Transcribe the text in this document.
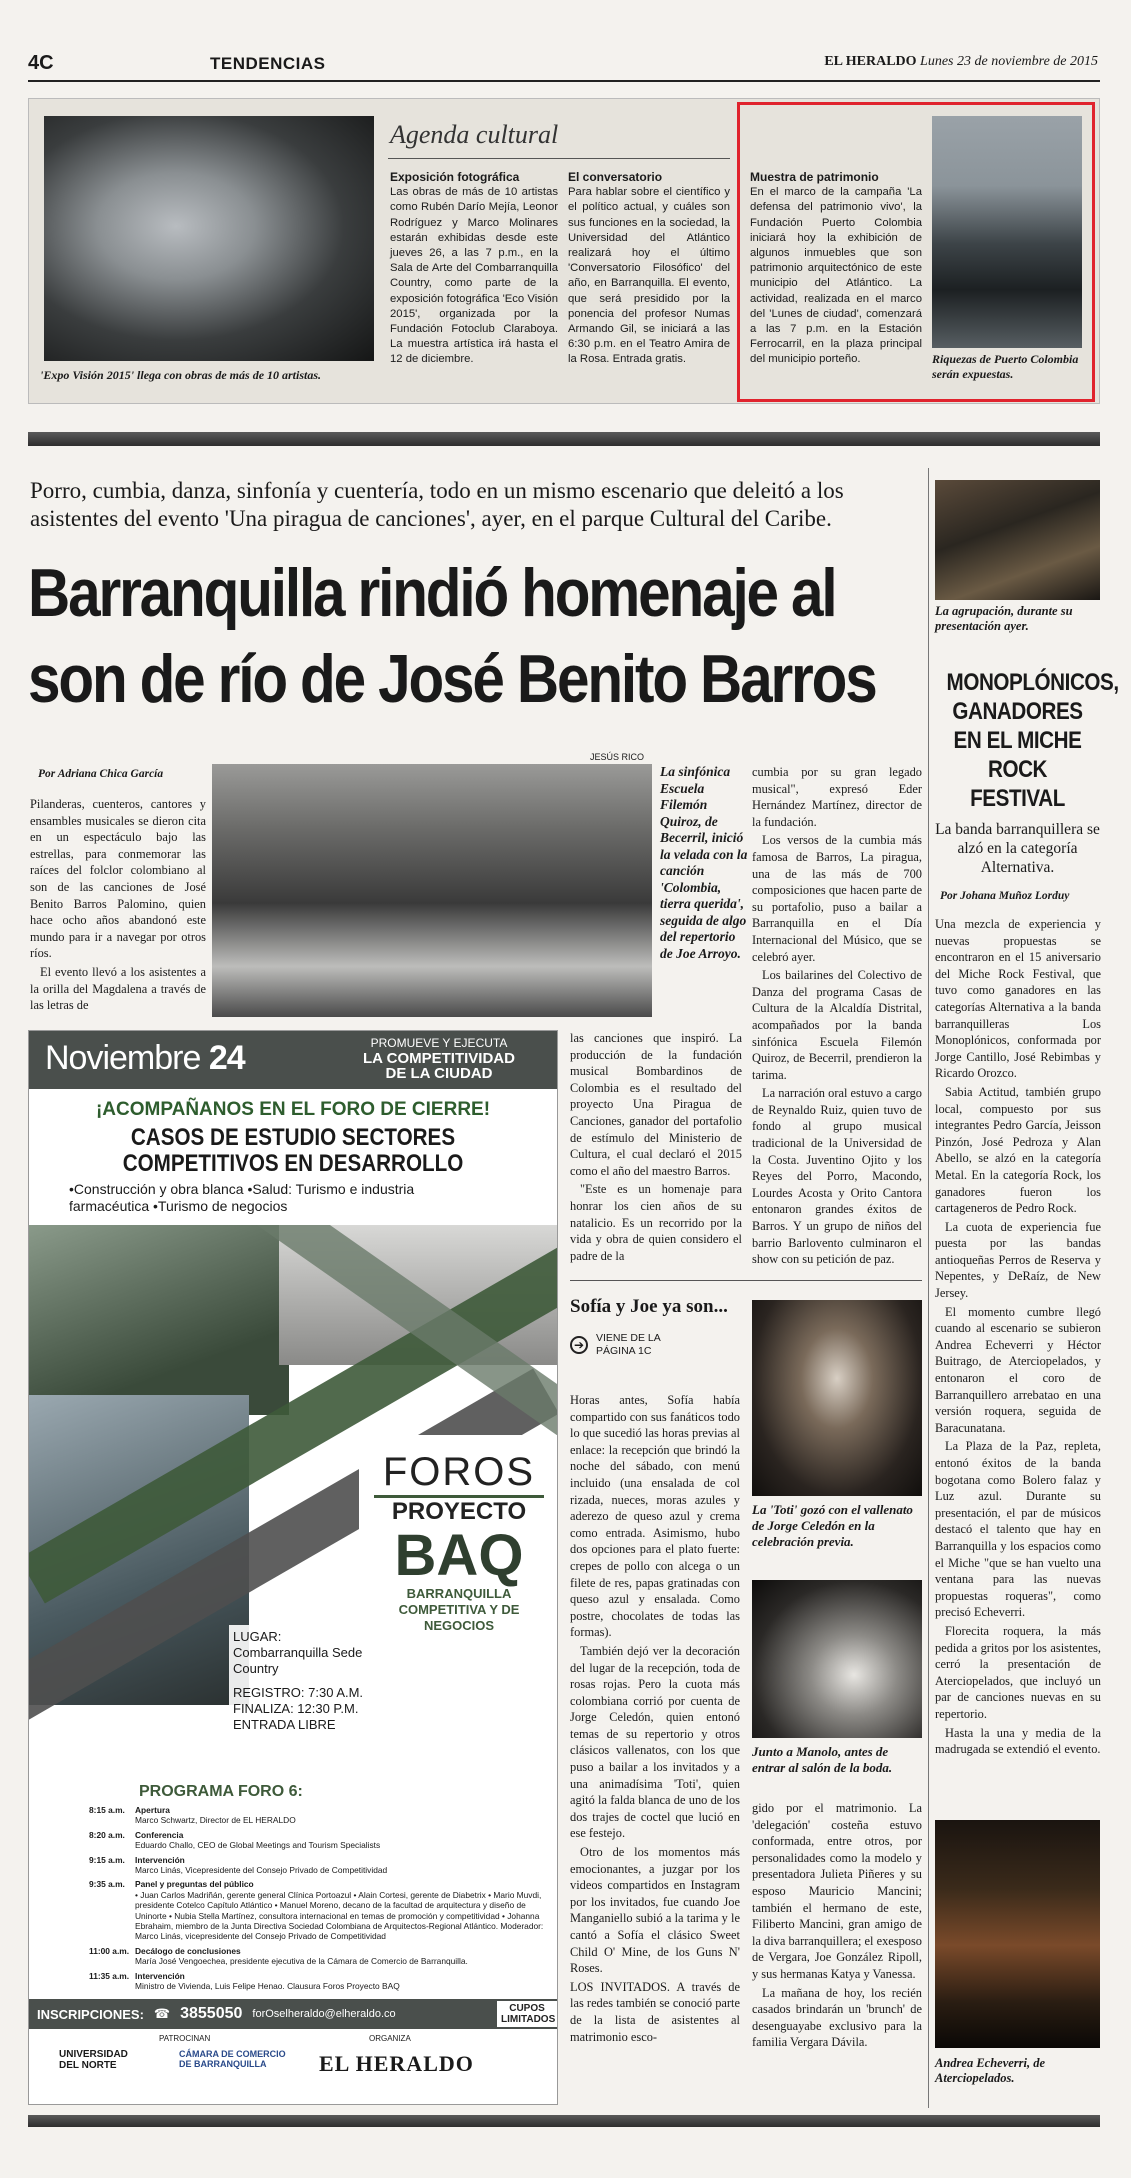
4C	TENDENCIAS	EL HERALDO Lunes 23 de noviembre de 2015
'Expo Visión 2015' llega con obras de más de 10 artistas.
Agenda cultural
Exposición fotográfica
Las obras de más de 10 artistas como Rubén Darío Mejía, Leonor Rodríguez y Marco Molinares estarán exhibidas desde este jueves 26, a las 7 p.m., en la Sala de Arte del Combarranquilla Country, como parte de la exposición fotográfica 'Eco Visión 2015', organizada por la Fundación Fotoclub Claraboya. La muestra artística irá hasta el 12 de diciembre.
El conversatorio
Para hablar sobre el científico y el político actual, y cuáles son sus funciones en la sociedad, la Universidad del Atlántico realizará hoy el último 'Conversatorio Filosófico' del año, en Barranquilla. El evento, que será presidido por la ponencia del profesor Numas Armando Gil, se iniciará a las 6:30 p.m. en el Teatro Amira de la Rosa. Entrada gratis.
Muestra de patrimonio
En el marco de la campaña 'La defensa del patrimonio vivo', la Fundación Puerto Colombia iniciará hoy la exhibición de algunos inmuebles que son patrimonio arquitectónico de este municipio del Atlántico. La actividad, realizada en el marco del 'Lunes de ciudad', comenzará a las 7 p.m. en la Estación Ferrocarril, en la plaza principal del municipio porteño.	Riquezas de Puerto Colombia serán expuestas.
Porro, cumbia, danza, sinfonía y cuentería, todo en un mismo escenario que deleitó a los asistentes del evento 'Una piragua de canciones', ayer, en el parque Cultural del Caribe.
Barranquilla rindió homenaje al
son de río de José Benito Barros
Por Adriana Chica García

Pilanderas, cuenteros, cantores y ensambles musicales se dieron cita en un espectáculo bajo las estrellas, para conmemorar las raíces del folclor colombiano al son de las canciones de José Benito Barros Palomino, quien hace ocho años abandonó este mundo para ir a navegar por otros ríos.

El evento llevó a los asistentes a la orilla del Magdalena a través de las letras de

JESÚS RICO
La sinfónica Escuela Filemón Quiroz, de Becerril, inició la velada con la canción 'Colombia, tierra querida', seguida de algo del repertorio de Joe Arroyo.

cumbia por su gran legado musical", expresó Eder Hernández Martínez, director de la fundación.

Los versos de la cumbia más famosa de Barros, La piragua, una de las más de 700 composiciones que hacen parte de su portafolio, puso a bailar a Barranquilla en el Día Internacional del Músico, que se celebró ayer.

Los bailarines del Colectivo de Danza del programa Casas de Cultura de la Alcaldía Distrital, acompañados por la banda sinfónica Escuela Filemón Quiroz, de Becerril, prendieron la tarima.

La narración oral estuvo a cargo de Reynaldo Ruiz, quien tuvo de fondo al grupo musical tradicional de la Universidad de la Costa. Juventino Ojito y los Reyes del Porro, Macondo, Lourdes Acosta y Orito Cantora entonaron grandes éxitos de Barros. Y un grupo de niños del barrio Barlovento culminaron el show con su petición de paz.

las canciones que inspiró. La producción de la fundación musical Bombardinos de Colombia es el resultado del proyecto Una Piragua de Canciones, ganador del portafolio de estímulo del Ministerio de Cultura, el cual declaró el 2015 como el año del maestro Barros.

"Este es un homenaje para honrar los cien años de su natalicio. Es un recorrido por la vida y obra de quien considero el padre de la

La agrupación, durante su presentación ayer.
MONOPLÓNICOS, GANADORES EN EL MICHE ROCK FESTIVAL
La banda barranquillera se alzó en la categoría Alternativa.
Por Johana Muñoz Lorduy

Una mezcla de experiencia y nuevas propuestas se encontraron en el 15 aniversario del Miche Rock Festival, que tuvo como ganadores en las categorías Alternativa a la banda barranquilleras Los Monoplónicos, conformada por Jorge Cantillo, José Rebimbas y Ricardo Orozco.

Sabia Actitud, también grupo local, compuesto por sus integrantes Pedro García, Jeisson Pinzón, José Pedroza y Alan Abello, se alzó en la categoría Metal. En la categoría Rock, los ganadores fueron los cartageneros de Pedro Rock.

La cuota de experiencia fue puesta por las bandas antioqueñas Perros de Reserva y Nepentes, y DeRaíz, de New Jersey.

El momento cumbre llegó cuando al escenario se subieron Andrea Echeverri y Héctor Buitrago, de Aterciopelados, y entonaron el coro de Barranquillero arrebatao en una versión roquera, seguida de Baracunatana.

La Plaza de la Paz, repleta, entonó éxitos de la banda bogotana como Bolero falaz y Luz azul. Durante su presentación, el par de músicos destacó el talento que hay en Barranquilla y los espacios como el Miche "que se han vuelto una ventana para las nuevas propuestas roqueras", como precisó Echeverri.

Florecita roquera, la más pedida a gritos por los asistentes, cerró la presentación de Aterciopelados, que incluyó un par de canciones nuevas en su repertorio.

Hasta la una y media de la madrugada se extendió el evento.

Andrea Echeverri, de Aterciopelados.
Sofía y Joe ya son...
➔	VIENE DE LA PÁGINA 1C

Horas antes, Sofía había compartido con sus fanáticos todo lo que sucedió las horas previas al enlace: la recepción que brindó la noche del sábado, con menú incluido (una ensalada de col rizada, nueces, moras azules y aderezo de queso azul y crema como entrada. Asimismo, hubo dos opciones para el plato fuerte: crepes de pollo con alcega o un filete de res, papas gratinadas con queso azul y ensalada. Como postre, chocolates de todas las formas).

También dejó ver la decoración del lugar de la recepción, toda de rosas rojas. Pero la cuota más colombiana corrió por cuenta de Jorge Celedón, quien entonó temas de su repertorio y otros clásicos vallenatos, con los que puso a bailar a los invitados y a una animadísima 'Toti', quien agitó la falda blanca de uno de los dos trajes de coctel que lució en ese festejo.

Otro de los momentos más emocionantes, a juzgar por los videos compartidos en Instagram por los invitados, fue cuando Joe Manganiello subió a la tarima y le cantó a Sofía el clásico Sweet Child O' Mine, de los Guns N' Roses.

LOS INVITADOS. A través de las redes también se conoció parte de la lista de asistentes al matrimonio esco-

La 'Toti' gozó con el vallenato de Jorge Celedón en la celebración previa.
Junto a Manolo, antes de entrar al salón de la boda.

gido por el matrimonio. La 'delegación' costeña estuvo conformada, entre otros, por personalidades como la modelo y presentadora Julieta Piñeres y su esposo Mauricio Mancini; también el hermano de este, Filiberto Mancini, gran amigo de la diva barranquillera; el exesposo de Vergara, Joe González Ripoll, y sus hermanas Katya y Vanessa.

La mañana de hoy, los recién casados brindarán un 'brunch' de desenguayabe exclusivo para la familia Vergara Dávila.

Noviembre 24	PROMUEVE Y EJECUTA
LA COMPETITIVIDAD
DE LA CIUDAD
¡ACOMPAÑANOS EN EL FORO DE CIERRE!
CASOS DE ESTUDIO SECTORES COMPETITIVOS EN DESARROLLO
•Construcción y obra blanca •Salud: Turismo e industria farmacéutica •Turismo de negocios
FOROS
PROYECTO
BAQ
BARRANQUILLA COMPETITIVA Y DE NEGOCIOS
LUGAR: Combarranquilla Sede Country
REGISTRO: 7:30 A.M.
FINALIZA: 12:30 P.M.
ENTRADA LIBRE
PROGRAMA FORO 6:
8:15 a.m.	Apertura
Marco Schwartz, Director de EL HERALDO
8:20 a.m.	Conferencia
Eduardo Challo, CEO de Global Meetings and Tourism Specialists
9:15 a.m.	Intervención
Marco Linás, Vicepresidente del Consejo Privado de Competitividad
9:35 a.m.	Panel y preguntas del público
• Juan Carlos Madriñán, gerente general Clínica Portoazul • Alain Cortesi, gerente de Diabetrix • Mario Muvdi, presidente Cotelco Capítulo Atlántico • Manuel Moreno, decano de la facultad de arquitectura y diseño de Uninorte • Nubia Stella Martínez, consultora internacional en temas de promoción y competitividad • Johanna Ebrahaim, miembro de la Junta Directiva Sociedad Colombiana de Arquitectos-Regional Atlántico. Moderador: Marco Linás, vicepresidente del Consejo Privado de Competitividad
11:00 a.m. Decálogo de conclusiones
María José Vengoechea, presidente ejecutiva de la Cámara de Comercio de Barranquilla.
11:35 a.m. Intervención
Ministro de Vivienda, Luis Felipe Henao. Clausura Foros Proyecto BAQ
INSCRIPCIONES: ☎ 3855050 forOselheraldo@elheraldo.co	CUPOS LIMITADOS
PATROCINAN	ORGANIZA
UNIVERSIDAD DEL NORTE
CÁMARA DE COMERCIO DE BARRANQUILLA	EL HERALDO
